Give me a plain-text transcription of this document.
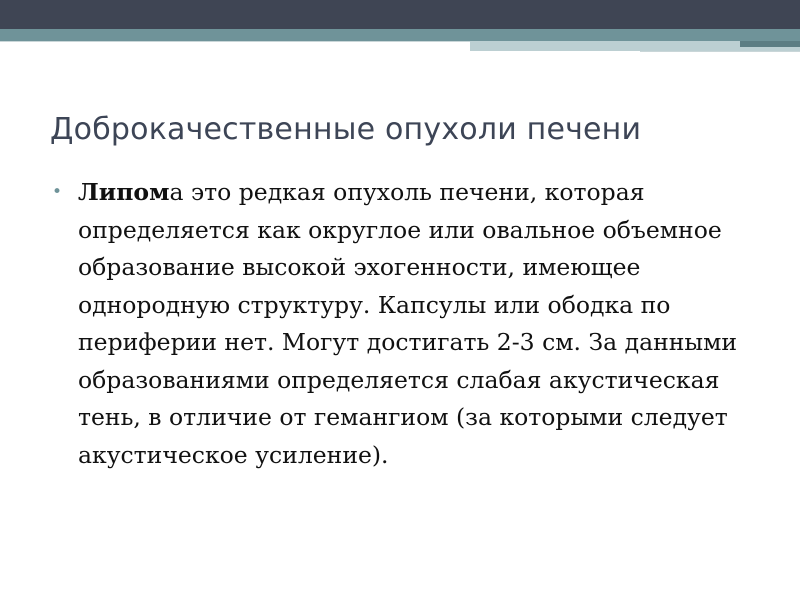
Доброкачественные опухоли печени
• Липома это редкая опухоль печени, которая определяется как округлое или овальное объемное образование высокой эхогенности, имеющее однородную структуру. Капсулы или ободка по периферии нет. Могут достигать 2-3 см. За данными образованиями определяется слабая акустическая тень, в отличие от гемангиом (за которыми следует акустическое усиление).
